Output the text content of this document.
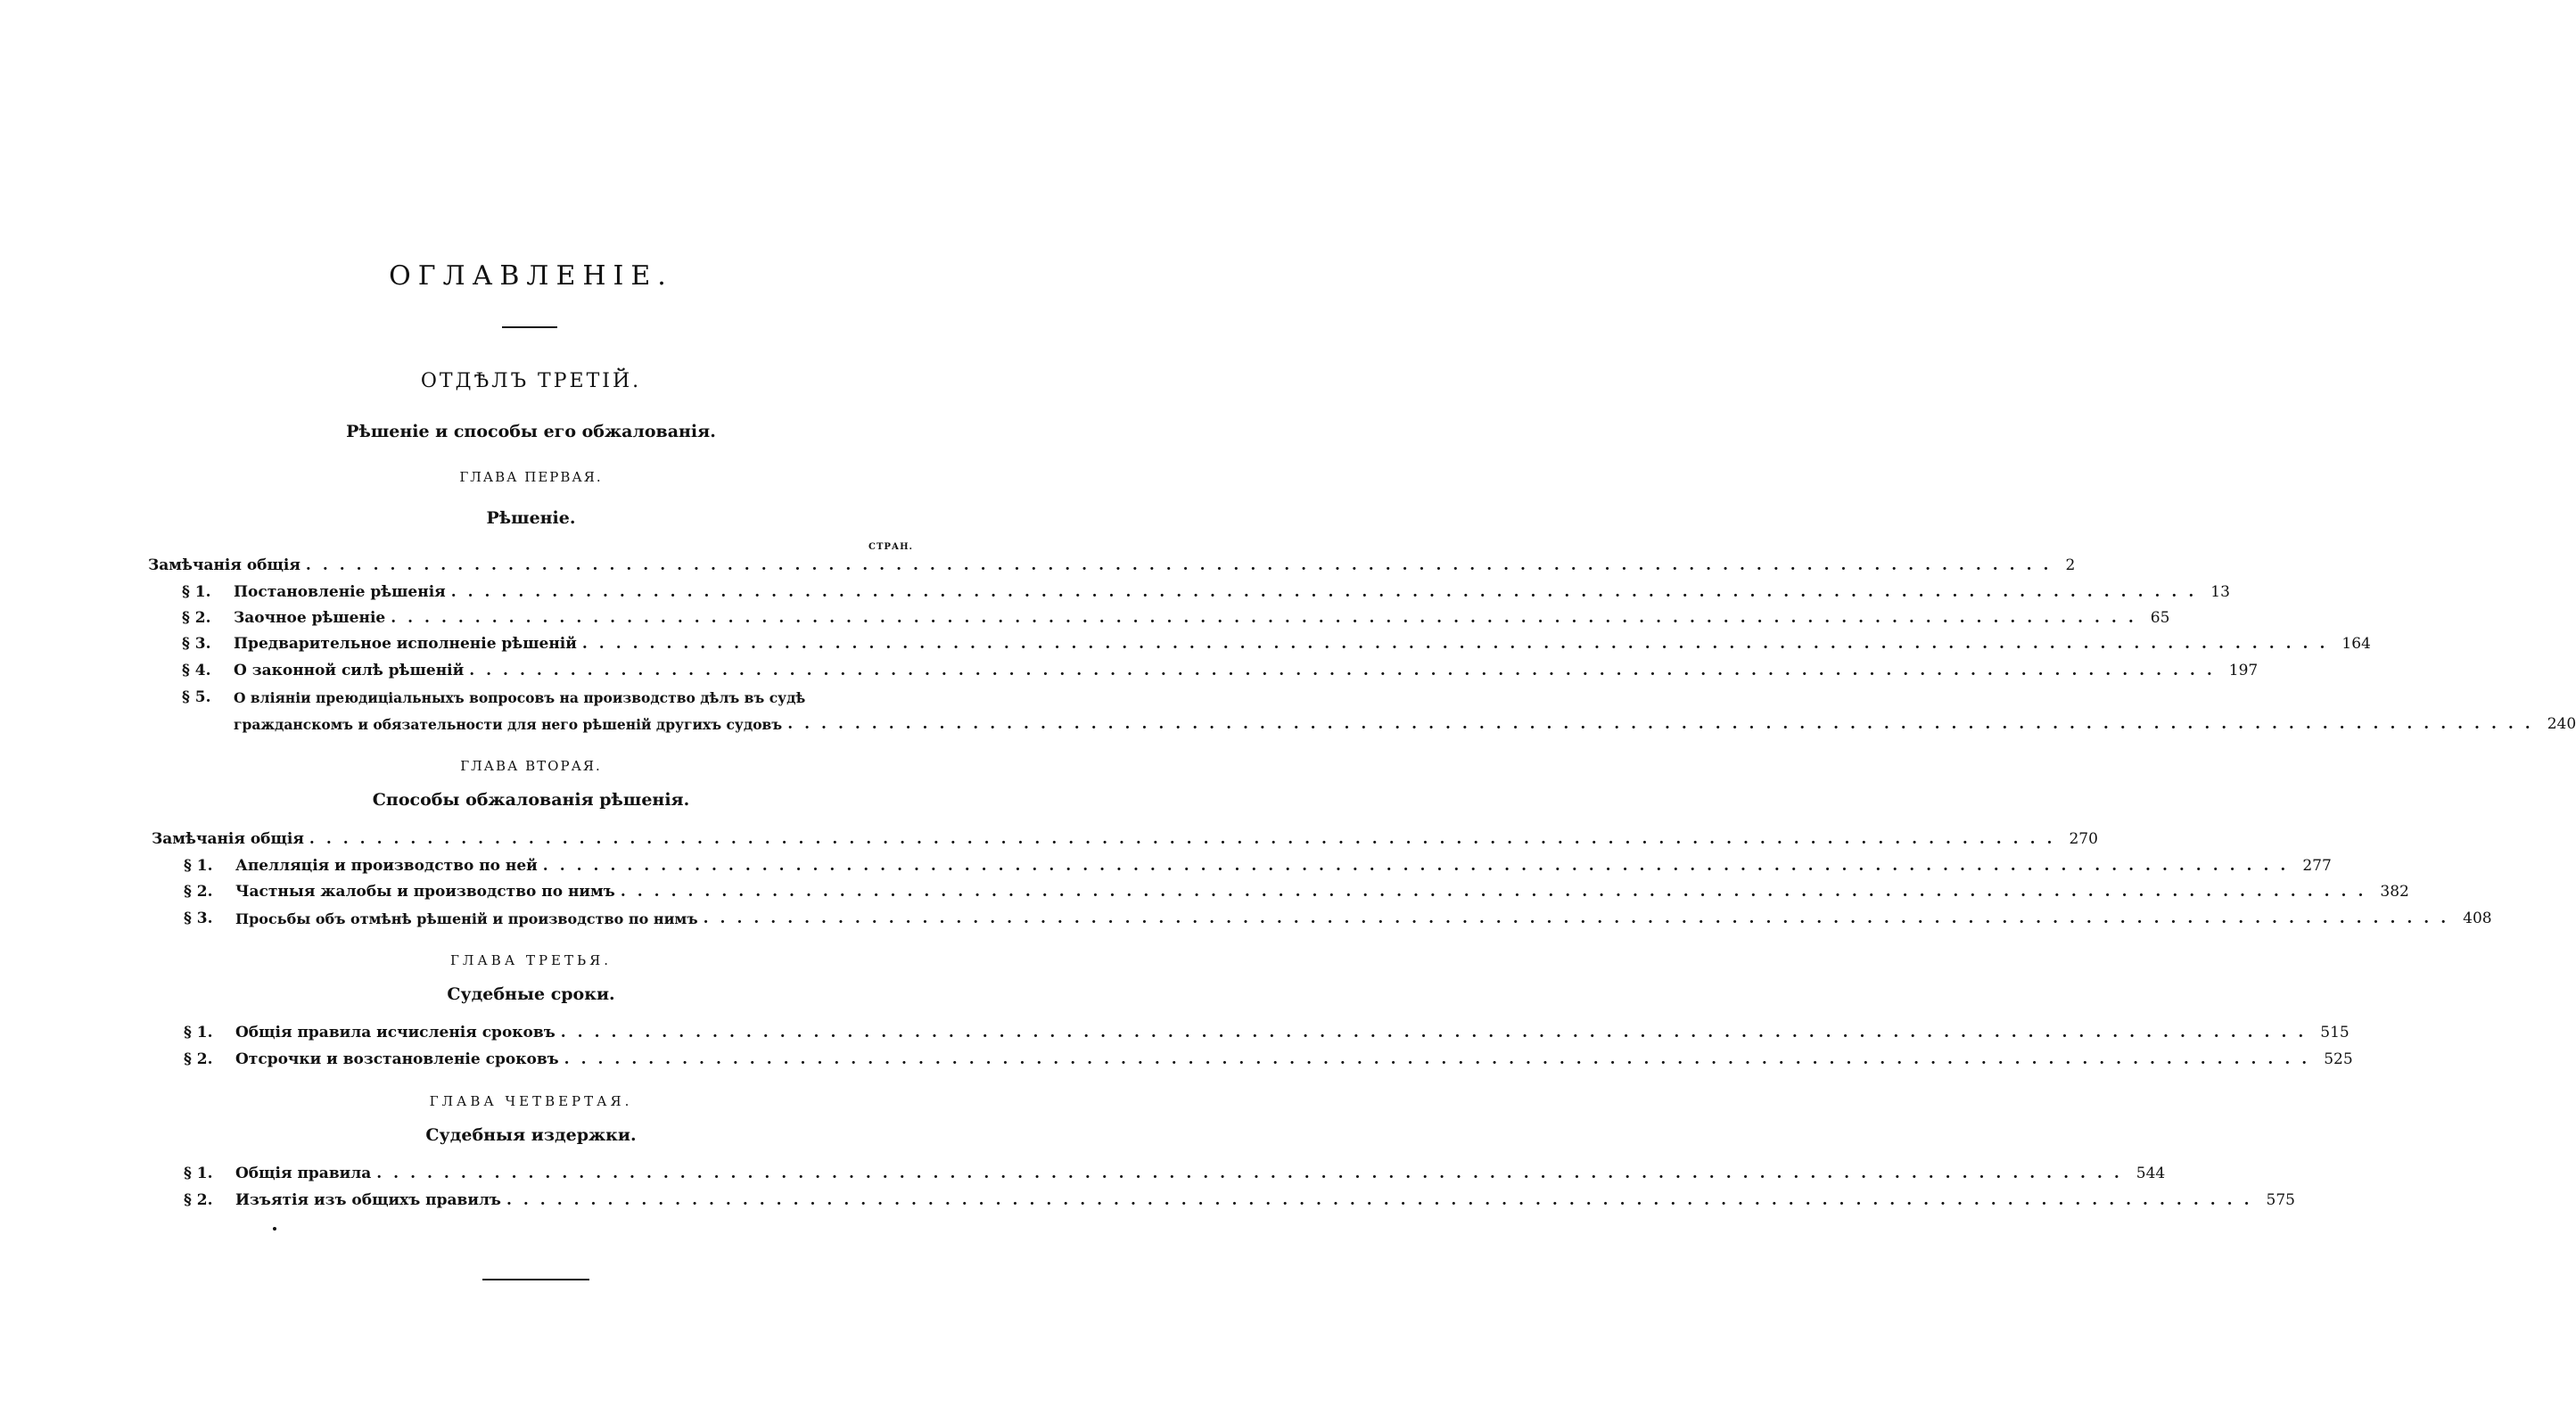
ОГЛАВЛЕНІЕ.
ОТДѢЛЪ ТРЕТІЙ.
Рѣшеніе и способы его обжалованія.
ГЛАВА ПЕРВАЯ.
Рѣшеніе.
СТРАН.
Замѣчанія общія ........................................................................................................ 2
§ 1.	Постановленіе рѣшенія ........................................................................................................ 13
§ 2.	Заочное рѣшеніе ........................................................................................................ 65
§ 3.	Предварительное исполненіе рѣшеній ........................................................................................................ 164
§ 4.	О законной силѣ рѣшеній ........................................................................................................ 197
§ 5.	О вліяніи преюдиціальныхъ вопросовъ на производство дѣлъ въ судѣ
гражданскомъ и обязательности для него рѣшеній другихъ судовъ ........................................................................................................ 240
ГЛАВА ВТОРАЯ.
Способы обжалованія рѣшенія.
Замѣчанія общія ........................................................................................................ 270
§ 1.	Апелляція и производство по ней ........................................................................................................ 277
§ 2.	Частныя жалобы и производство по нимъ ........................................................................................................ 382
§ 3.	Просьбы объ отмѣнѣ рѣшеній и производство по нимъ ........................................................................................................ 408
ГЛАВА ТРЕТЬЯ.
Судебные сроки.
§ 1.	Общія правила исчисленія сроковъ ........................................................................................................ 515
§ 2.	Отсрочки и возстановленіе сроковъ ........................................................................................................ 525
ГЛАВА ЧЕТВЕРТАЯ.
Судебныя издержки.
§ 1.	Общія правила ........................................................................................................ 544
§ 2.	Изъятія изъ общихъ правилъ ........................................................................................................ 575
